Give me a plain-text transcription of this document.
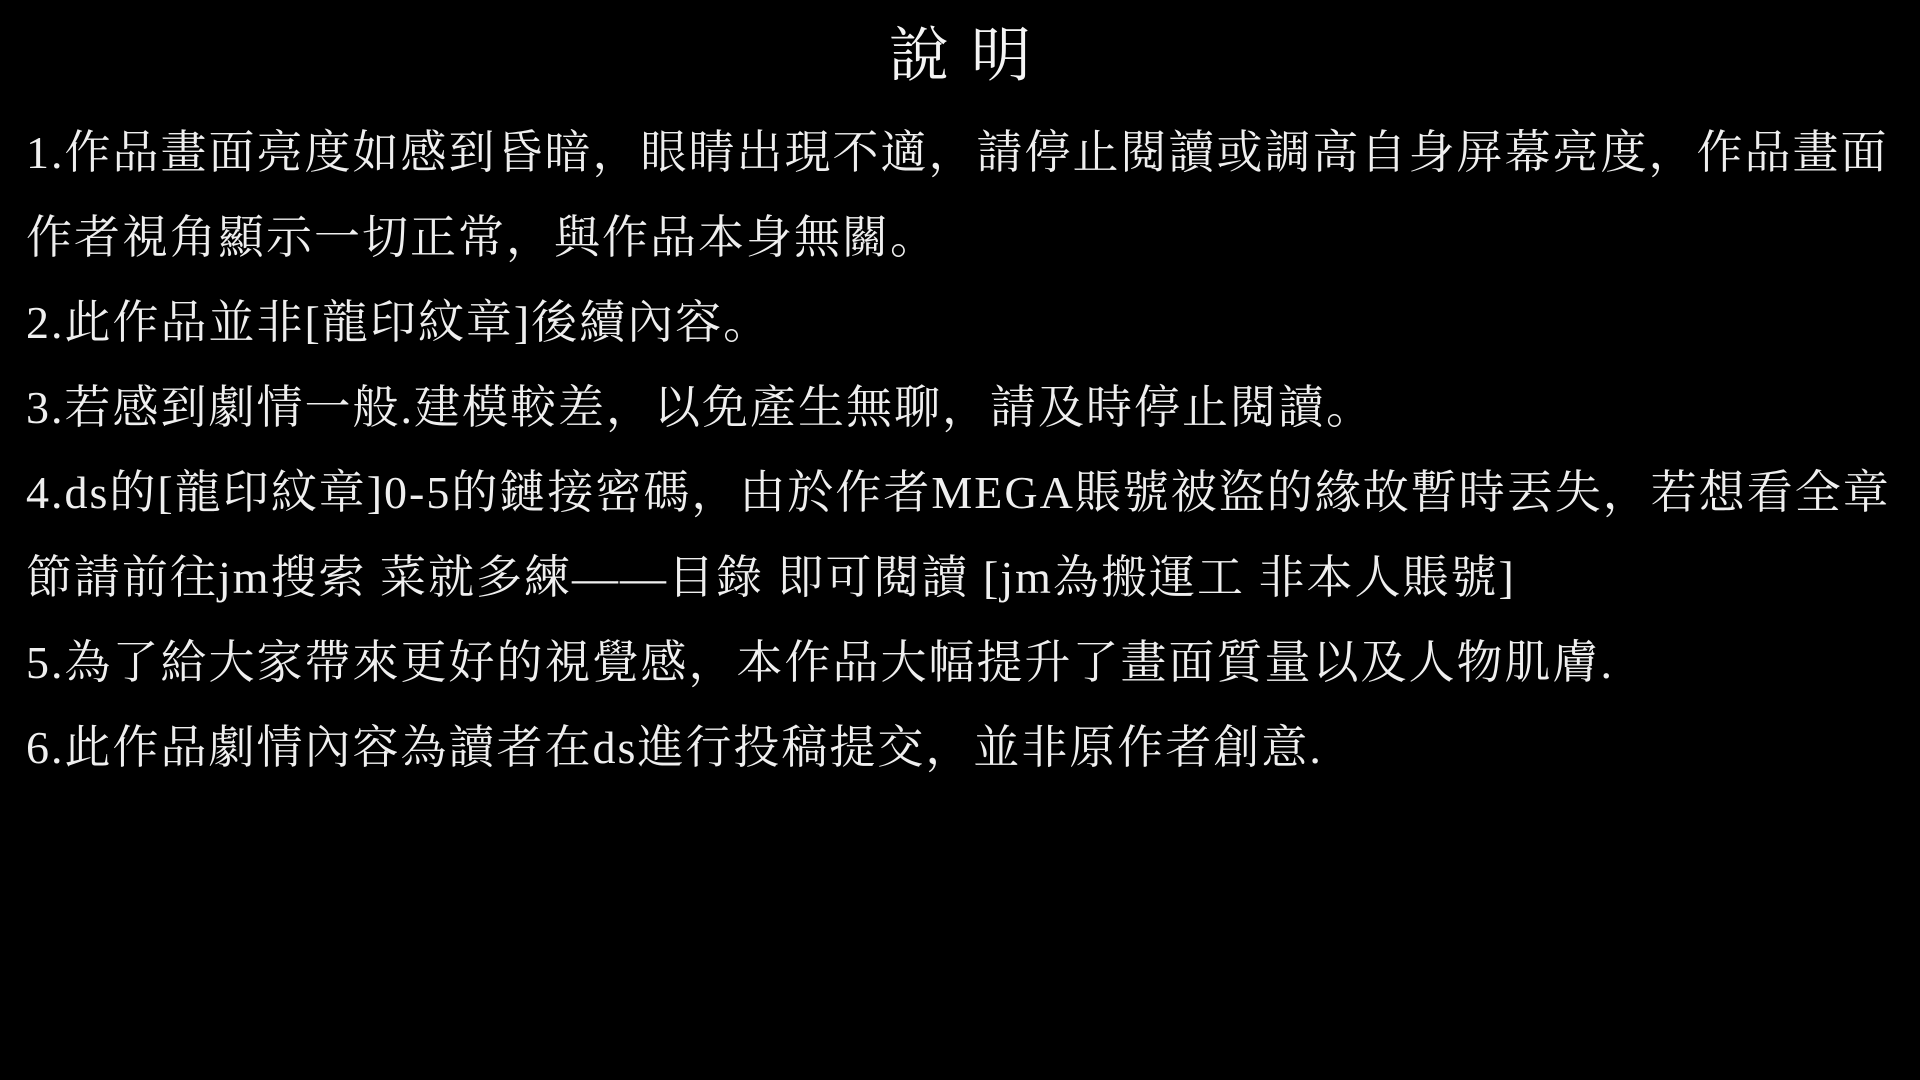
說明
1.作品畫面亮度如感到昏暗，眼睛出現不適，請停止閱讀或調高自身屏幕亮度，作品畫面
作者視角顯示一切正常，與作品本身無關。
2.此作品並非[龍印紋章]後續內容。
3.若感到劇情一般.建模較差，以免產生無聊，請及時停止閱讀。
4.ds的[龍印紋章]0-5的鏈接密碼，由於作者MEGA賬號被盜的緣故暫時丟失，若想看全章
節請前往jm搜索 菜就多練——目錄 即可閱讀 [jm為搬運工 非本人賬號]
5.為了給大家帶來更好的視覺感，本作品大幅提升了畫面質量以及人物肌膚.
6.此作品劇情內容為讀者在ds進行投稿提交，並非原作者創意.
